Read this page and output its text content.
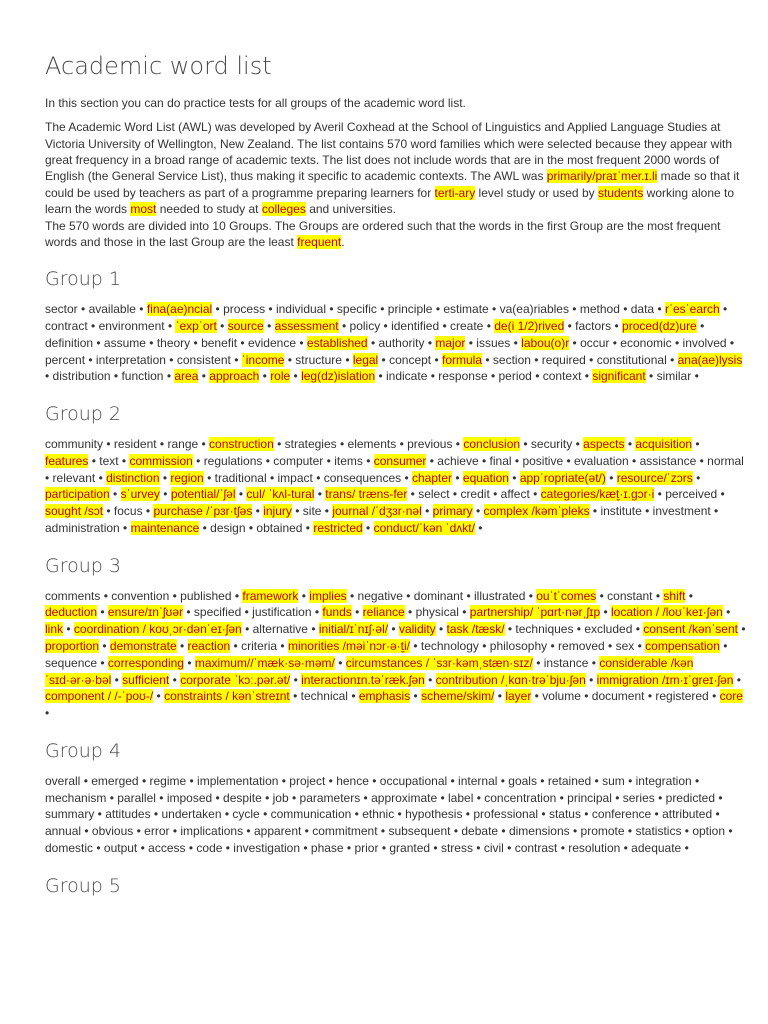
Academic word list

In this section you can do practice tests for all groups of the academic word list.

The Academic Word List (AWL) was developed by Averil Coxhead at the School of Linguistics and Applied Language Studies at Victoria University of Wellington, New Zealand. The list contains 570 word families which were selected because they appear with great frequency in a broad range of academic texts. The list does not include words that are in the most frequent 2000 words of English (the General Service List), thus making it specific to academic contexts. The AWL was primarily/praɪˈmer.ɪ.li made so that it could be used by teachers as part of a programme preparing learners for terti-ary level study or used by students working alone to learn the words most needed to study at colleges and universities.
The 570 words are divided into 10 Groups. The Groups are ordered such that the words in the first Group are the most frequent words and those in the last Group are the least frequent.

Group 1
sector • available • fina(ae)ncial • process • individual • specific • principle • estimate • va(ea)riables • method • data • rˈesˈearch • contract • environment • ˈexpˈort • source • assessment • policy • identified • create • de(i 1/2)rived • factors • proced(dz)ure • definition • assume • theory • benefit • evidence • established • authority • major • issues • labou(o)r • occur • economic • involved • percent • interpretation • consistent • ˈincome • structure • legal • concept • formula • section • required • constitutional • ana(ae)lysis • distribution • function • area • approach • role • leg(dz)islation • indicate • response • period • context • significant • similar •
Group 2
community • resident • range • construction • strategies • elements • previous • conclusion • security • aspects • acquisition • features • text • commission • regulations • computer • items • consumer • achieve • final • positive • evaluation • assistance • normal • relevant • distinction • region • traditional • impact • consequences • chapter • equation • appˈropriate(ət/) • resource/ˈzɔrs • participation • sˈurvey • potential/ˈʃəl • cul/ ˈkʌl-tural • trans/ træns-fer • select • credit • affect • categories/kæt̬·ɪ.ɡɔr·i • perceived • sought /sɔt • focus • purchase /ˈpɜr·tʃəs • injury • site • journal /ˈdʒɜr·nəl • primary • complex /kəmˈpleks • institute • investment • administration • maintenance • design • obtained • restricted • conduct/ˈkən ˈdʌkt/ •
Group 3
comments • convention • published • framework • implies • negative • dominant • illustrated • ouˈtˈcomes • constant • shift • deduction • ensure/ɪnˈʃʊər • specified • justification • funds • reliance • physical • partnership/ ˈpɑrt·nərˌʃɪp • location / /loʊˈkeɪ·ʃən • link • coordination / koʊˌɔr·dənˈeɪ·ʃən • alternative • initial/ɪˈnɪʃ·əl/ • validity • task /tæsk/ • techniques • excluded • consent /kənˈsent • proportion • demonstrate • reaction • criteria • minorities /məiˈnɔr·ə·t̬i/ • technology • philosophy • removed • sex • compensation • sequence • corresponding • maximum//ˈmæk·sə·məm/ • circumstances / ˈsɜr·kəmˌstæn·sɪz/ • instance • considerable /kənˈsɪd·ər·ə·bəl • sufficient • corporate ˈkɔː.pər.ət/ • interactionɪn.təˈræk.ʃən • contribution /ˌkɑn·trəˈbju·ʃən • immigration /ɪm·ɪˈɡreɪ·ʃən • component / /-ˈpoʊ-/ • constraints / kənˈstreɪnt • technical • emphasis • scheme/skim/ • layer • volume • document • registered • core •
Group 4
overall • emerged • regime • implementation • project • hence • occupational • internal • goals • retained • sum • integration • mechanism • parallel • imposed • despite • job • parameters • approximate • label • concentration • principal • series • predicted • summary • attitudes • undertaken • cycle • communication • ethnic • hypothesis • professional • status • conference • attributed • annual • obvious • error • implications • apparent • commitment • subsequent • debate • dimensions • promote • statistics • option • domestic • output • access • code • investigation • phase • prior • granted • stress • civil • contrast • resolution • adequate •
Group 5
